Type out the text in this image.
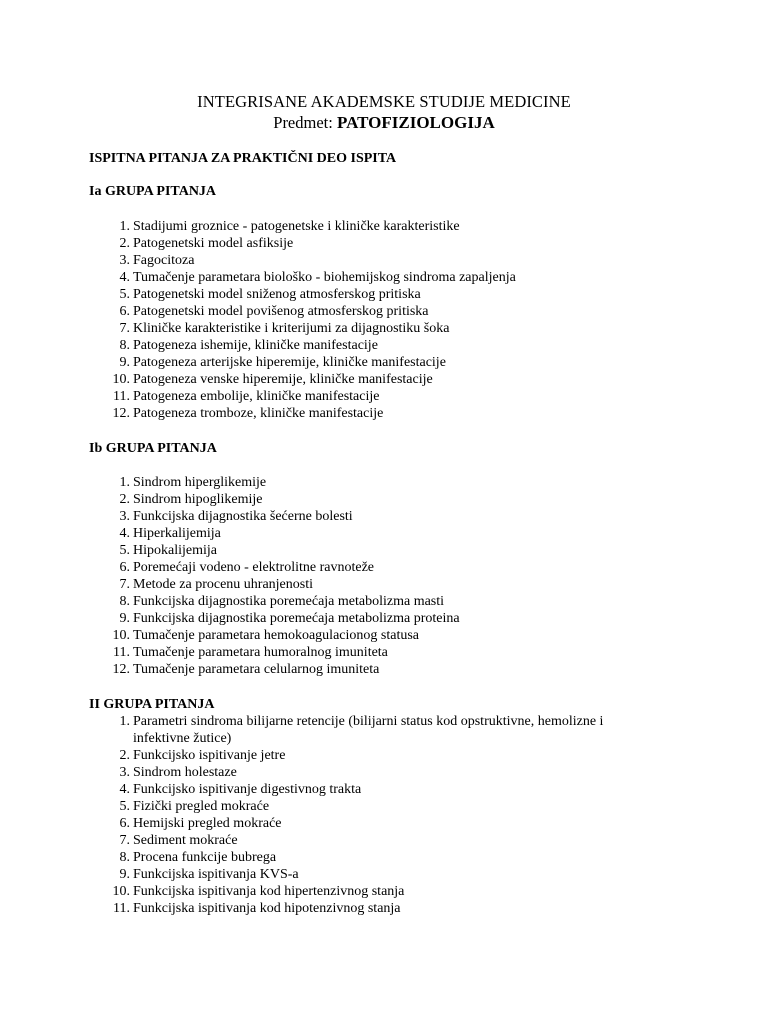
INTEGRISANE AKADEMSKE STUDIJE MEDICINE
Predmet: PATOFIZIOLOGIJA
ISPITNA PITANJA ZA PRAKTIČNI DEO ISPITA
Ia GRUPA PITANJA
1. Stadijumi groznice - patogenetske i kliničke karakteristike
2. Patogenetski model asfiksije
3. Fagocitoza
4. Tumačenje parametara biološko - biohemijskog sindroma zapaljenja
5. Patogenetski model sniženog atmosferskog pritiska
6. Patogenetski model povišenog atmosferskog pritiska
7. Kliničke karakteristike i kriterijumi za dijagnostiku šoka
8. Patogeneza ishemije, kliničke manifestacije
9. Patogeneza arterijske hiperemije, kliničke manifestacije
10. Patogeneza venske hiperemije, kliničke manifestacije
11. Patogeneza embolije, kliničke manifestacije
12. Patogeneza tromboze, kliničke manifestacije
Ib GRUPA PITANJA
1. Sindrom hiperglikemije
2. Sindrom hipoglikemije
3. Funkcijska dijagnostika šećerne bolesti
4. Hiperkalijemija
5. Hipokalijemija
6. Poremećaji vodeno - elektrolitne ravnoteže
7. Metode za procenu uhranjenosti
8. Funkcijska dijagnostika poremećaja metabolizma masti
9. Funkcijska dijagnostika poremećaja metabolizma proteina
10. Tumačenje parametara hemokoagulacionog statusa
11. Tumačenje parametara humoralnog imuniteta
12. Tumačenje parametara celularnog imuniteta
II GRUPA PITANJA
1. Parametri sindroma bilijarne retencije (bilijarni status kod opstruktivne, hemolizne i infektivne žutice)
2. Funkcijsko ispitivanje jetre
3. Sindrom holestaze
4. Funkcijsko ispitivanje digestivnog trakta
5. Fizički pregled mokraće
6. Hemijski pregled mokraće
7. Sediment mokraće
8. Procena funkcije bubrega
9. Funkcijska ispitivanja KVS-a
10. Funkcijska ispitivanja kod hipertenzivnog stanja
11. Funkcijska ispitivanja kod hipotenzivnog stanja
